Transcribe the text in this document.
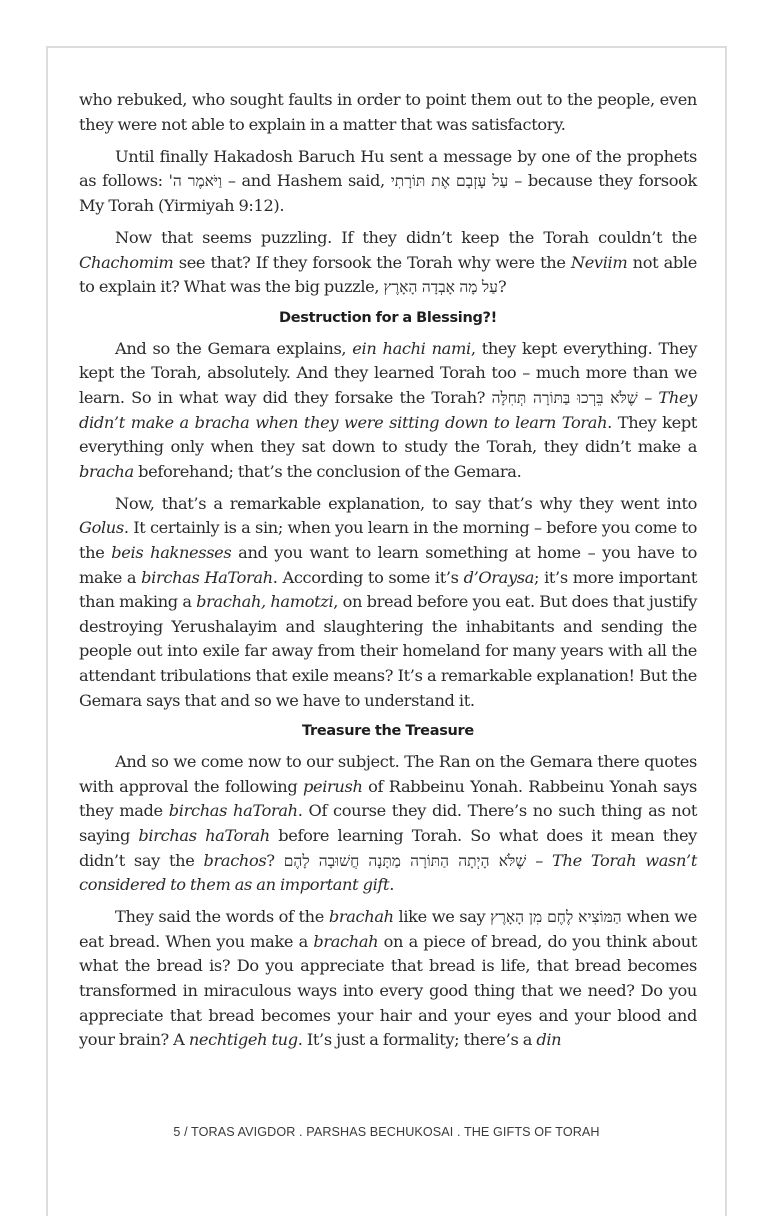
who rebuked, who sought faults in order to point them out to the people, even they were not able to explain in a matter that was satisfactory.

Until finally Hakadosh Baruch Hu sent a message by one of the prophets as follows: וַיֹּאמֶר ה' – and Hashem said, עַל עָזְבָם אֶת תּוֹרָתִי – because they forsook My Torah (Yirmiyah 9:12).

Now that seems puzzling. If they didn’t keep the Torah couldn’t the Chachomim see that? If they forsook the Torah why were the Neviim not able to explain it? What was the big puzzle, עַל מָה אָבְדָה הָאָרֶץ?

Destruction for a Blessing?!

And so the Gemara explains, ein hachi nami, they kept everything. They kept the Torah, absolutely. And they learned Torah too – much more than we learn. So in what way did they forsake the Torah? שֶׁלֹּא בֵּרְכוּ בַּתּוֹרָה תְּחִלָּה – They didn’t make a bracha when they were sitting down to learn Torah. They kept everything only when they sat down to study the Torah, they didn’t make a bracha beforehand; that’s the conclusion of the Gemara.

Now, that’s a remarkable explanation, to say that’s why they went into Golus. It certainly is a sin; when you learn in the morning – before you come to the beis haknesses and you want to learn something at home – you have to make a birchas HaTorah. According to some it’s d’Oraysa; it’s more important than making a brachah, hamotzi, on bread before you eat. But does that justify destroying Yerushalayim and slaughtering the inhabitants and sending the people out into exile far away from their homeland for many years with all the attendant tribulations that exile means? It’s a remarkable explanation! But the Gemara says that and so we have to understand it.

Treasure the Treasure

And so we come now to our subject. The Ran on the Gemara there quotes with approval the following peirush of Rabbeinu Yonah. Rabbeinu Yonah says they made birchas haTorah. Of course they did. There’s no such thing as not saying birchas haTorah before learning Torah. So what does it mean they didn’t say the brachos? שֶׁלֹּא הָיְתָה הַתּוֹרָה מַתָּנָה חֲשׁוּבָה לָהֶם – The Torah wasn’t considered to them as an important gift.

They said the words of the brachah like we say הַמּוֹצִיא לֶחֶם מִן הָאָרֶץ when we eat bread. When you make a brachah on a piece of bread, do you think about what the bread is? Do you appreciate that bread is life, that bread becomes transformed in miraculous ways into every good thing that we need? Do you appreciate that bread becomes your hair and your eyes and your blood and your brain? A nechtigeh tug. It’s just a formality; there’s a din

5 / TORAS AVIGDOR . PARSHAS BECHUKOSAI . THE GIFTS OF TORAH
